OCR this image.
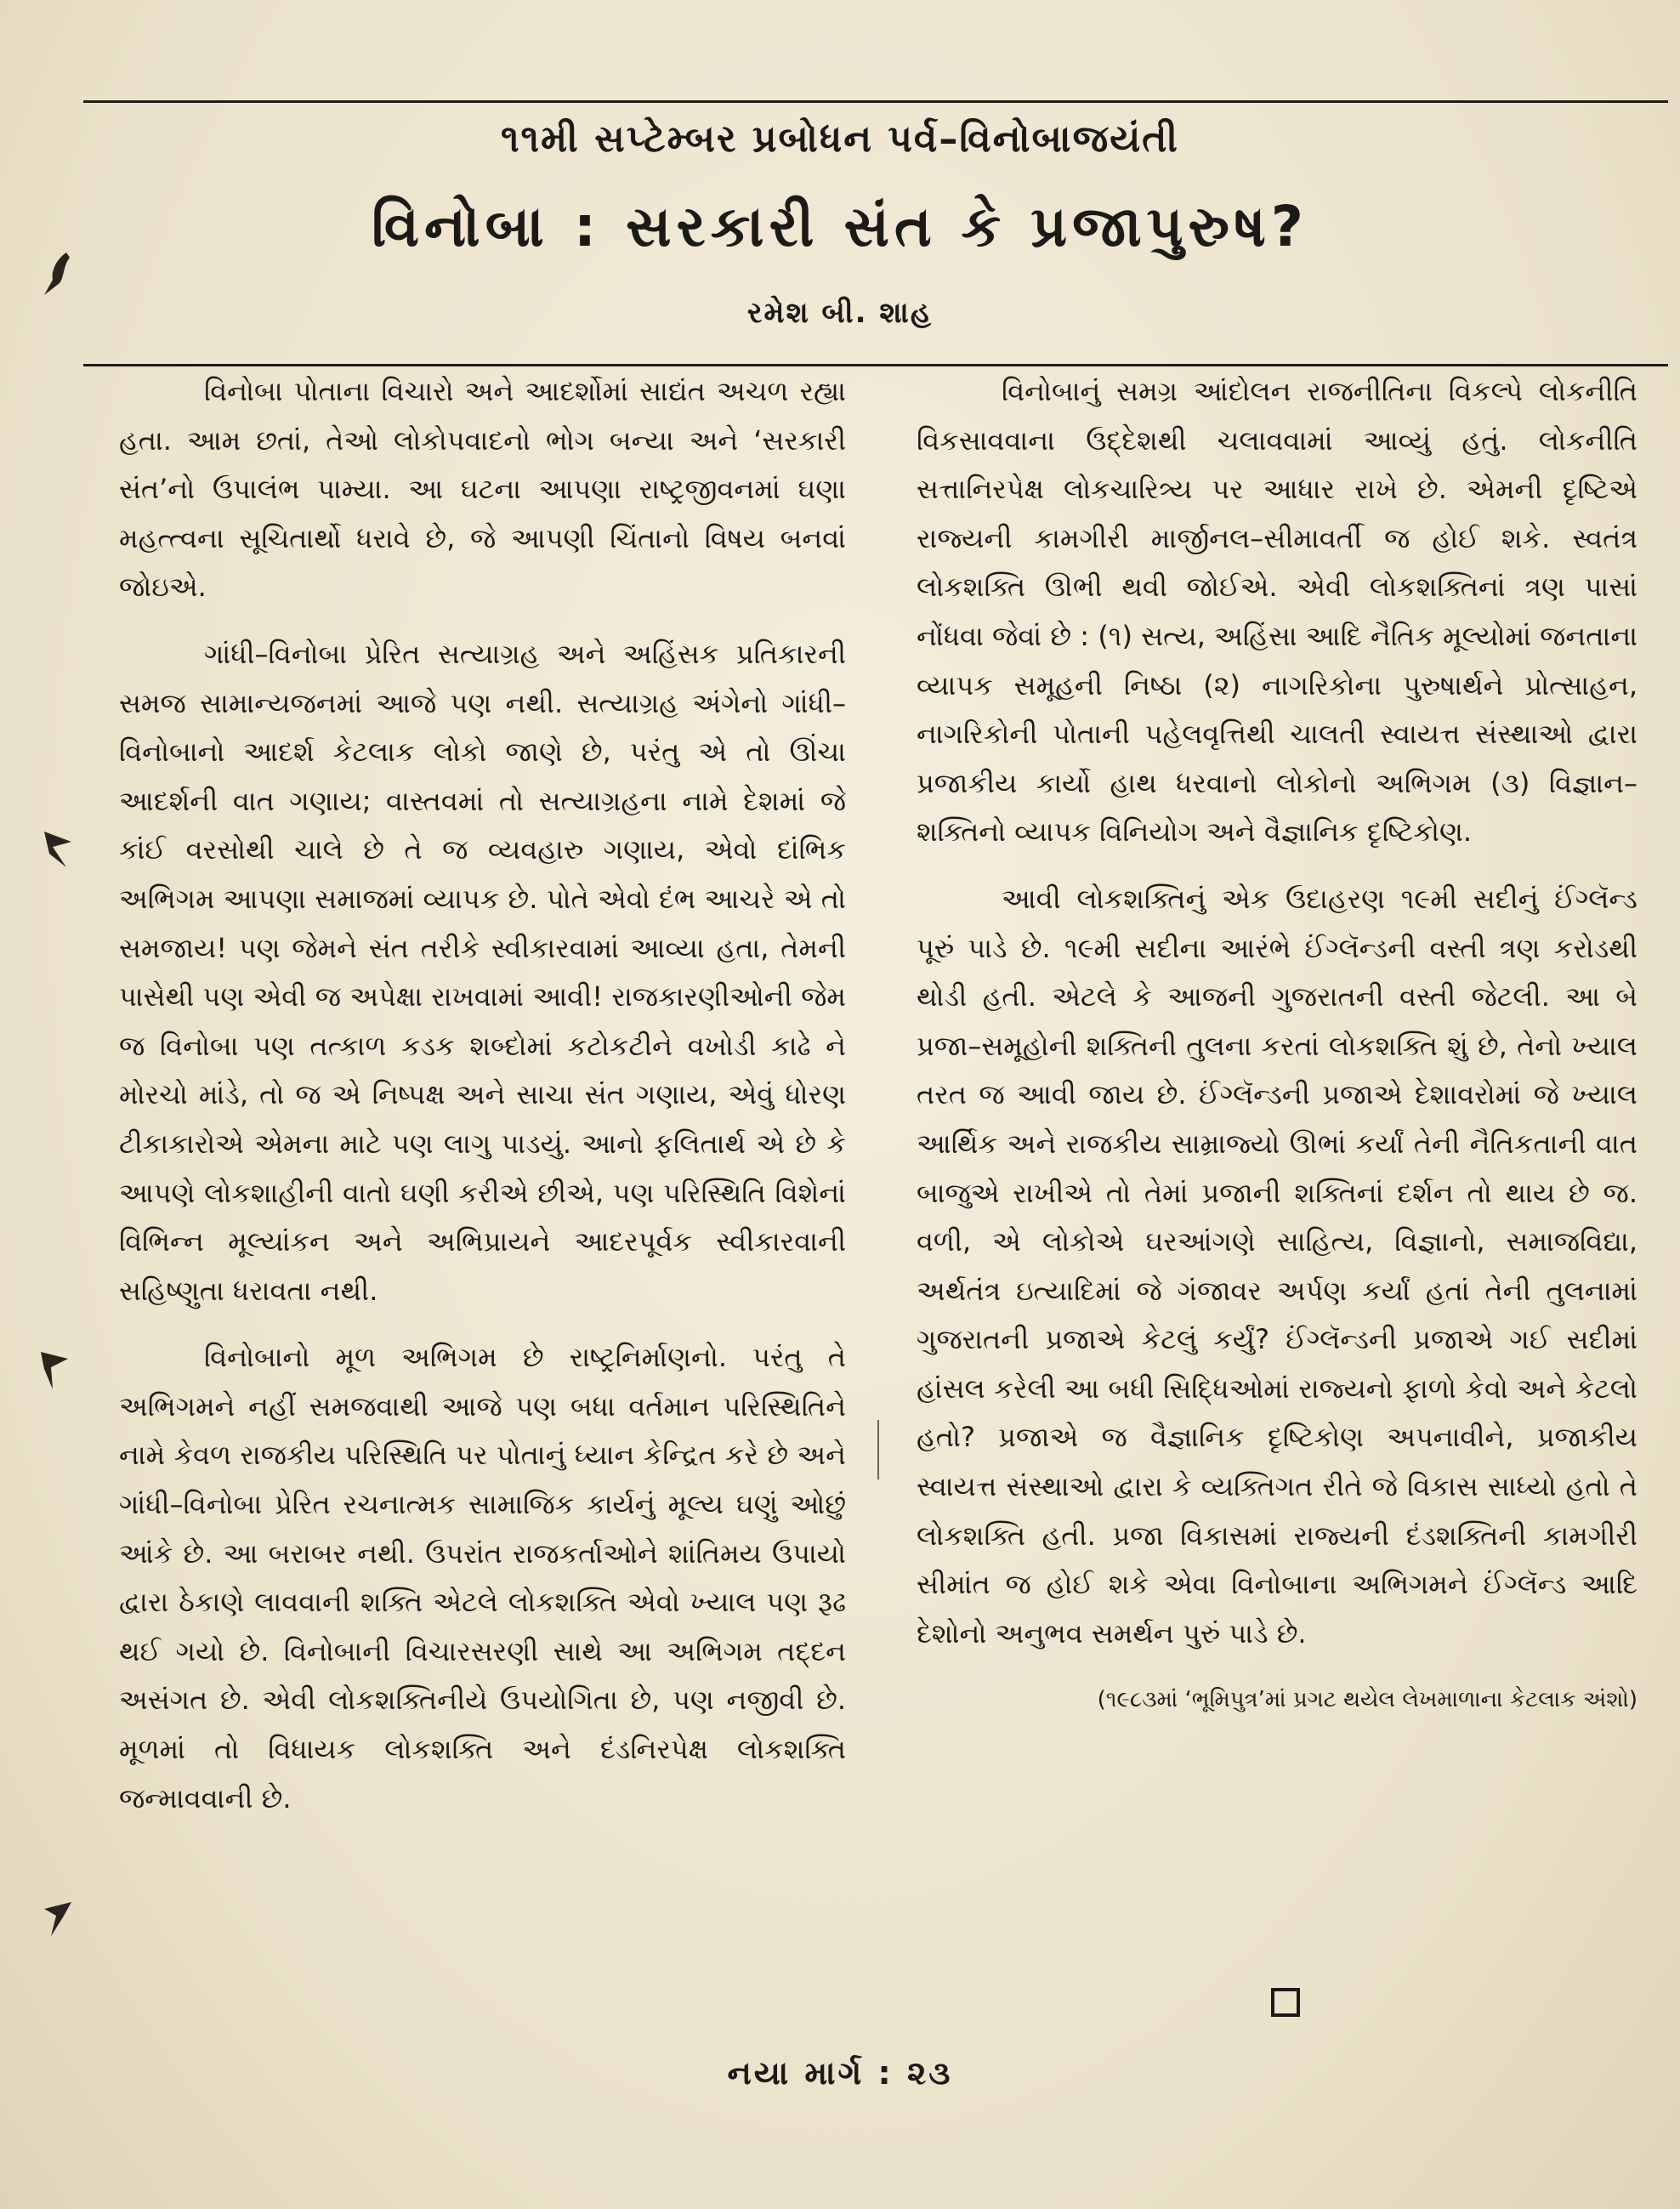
૧૧મી સપ્ટેમ્બર પ્રબોધન પર્વ–વિનોબાજયંતી
વિનોબા : સરકારી સંત કે પ્રજાપુરુષ?
રમેશ બી. શાહ

વિનોબા પોતાના વિચારો અને આદર્શોમાં સાદ્યંત અચળ રહ્યા હતા. આમ છતાં, તેઓ લોકોપવાદનો ભોગ બન્યા અને ‘સરકારી સંત’નો ઉપાલંભ પામ્યા. આ ઘટના આપણા રાષ્ટ્રજીવનમાં ઘણા મહત્ત્વના સૂચિતાર્થો ધરાવે છે, જે આપણી ચિંતાનો વિષય બનવાં જોઇએ.

ગાંધી–વિનોબા પ્રેરિત સત્યાગ્રહ અને અહિંસક પ્રતિકારની સમજ સામાન્યજનમાં આજે પણ નથી. સત્યાગ્રહ અંગેનો ગાંધી–વિનોબાનો આદર્શ કેટલાક લોકો જાણે છે, પરંતુ એ તો ઊંચા આદર્શની વાત ગણાય; વાસ્તવમાં તો સત્યાગ્રહના નામે દેશમાં જે કાંઈ વરસોથી ચાલે છે તે જ વ્યવહારુ ગણાય, એવો દાંભિક અભિગમ આપણા સમાજમાં વ્યાપક છે. પોતે એવો દંભ આચરે એ તો સમજાય! પણ જેમને સંત તરીકે સ્વીકારવામાં આવ્યા હતા, તેમની પાસેથી પણ એવી જ અપેક્ષા રાખવામાં આવી! રાજકારણીઓની જેમ જ વિનોબા પણ તત્કાળ કડક શબ્દોમાં કટોકટીને વખોડી કાઢે ને મોરચો માંડે, તો જ એ નિષ્પક્ષ અને સાચા સંત ગણાય, એવું ધોરણ ટીકાકારોએ એમના માટે પણ લાગુ પાડયું. આનો ફલિતાર્થ એ છે કે આપણે લોકશાહીની વાતો ઘણી કરીએ છીએ, પણ પરિસ્થિતિ વિશેનાં વિભિન્ન મૂલ્યાંકન અને અભિપ્રાયને આદરપૂર્વક સ્વીકારવાની સહિષ્ણુતા ધરાવતા નથી.

વિનોબાનો મૂળ અભિગમ છે રાષ્ટ્રનિર્માણનો. પરંતુ તે અભિગમને નહીં સમજવાથી આજે પણ બધા વર્તમાન પરિસ્થિતિને નામે કેવળ રાજકીય પરિસ્થિતિ પર પોતાનું ધ્યાન કેન્દ્રિત કરે છે અને ગાંધી–વિનોબા પ્રેરિત રચનાત્મક સામાજિક કાર્યનું મૂલ્ય ઘણું ઓછું આંકે છે. આ બરાબર નથી. ઉપરાંત રાજકર્તાઓને શાંતિમય ઉપાયો દ્વારા ઠેકાણે લાવવાની શક્તિ એટલે લોકશક્તિ એવો ખ્યાલ પણ રૂઢ થઈ ગયો છે. વિનોબાની વિચારસરણી સાથે આ અભિગમ તદ્દન અસંગત છે. એવી લોકશક્તિનીયે ઉપયોગિતા છે, પણ નજીવી છે. મૂળમાં તો વિધાયક લોકશક્તિ અને દંડનિરપેક્ષ લોકશક્તિ જન્માવવાની છે.

વિનોબાનું સમગ્ર આંદોલન રાજનીતિના વિકલ્પે લોકનીતિ વિકસાવવાના ઉદ્દેશથી ચલાવવામાં આવ્યું હતું. લોકનીતિ સત્તાનિરપેક્ષ લોકચારિત્ર્ય પર આધાર રાખે છે. એમની દૃષ્ટિએ રાજ્યની કામગીરી માર્જીનલ–સીમાવર્તી જ હોઈ શકે. સ્વતંત્ર લોકશક્તિ ઊભી થવી જોઈએ. એવી લોકશક્તિનાં ત્રણ પાસાં નોંધવા જેવાં છે : (૧) સત્ય, અહિંસા આદિ નૈતિક મૂલ્યોમાં જનતાના વ્યાપક સમૂહની નિષ્ઠા (૨) નાગરિકોના પુરુષાર્થને પ્રોત્સાહન, નાગરિકોની પોતાની પહેલવૃત્તિથી ચાલતી સ્વાયત્ત સંસ્થાઓ દ્વારા પ્રજાકીય કાર્યો હાથ ધરવાનો લોકોનો અભિગમ (૩) વિજ્ઞાન–શક્તિનો વ્યાપક વિનિયોગ અને વૈજ્ઞાનિક દૃષ્ટિકોણ.

આવી લોકશક્તિનું એક ઉદાહરણ ૧૯મી સદીનું ઈંગ્લૅન્ડ પૂરું પાડે છે. ૧૯મી સદીના આરંભે ઈંગ્લૅન્ડની વસ્તી ત્રણ કરોડથી થોડી હતી. એટલે કે આજની ગુજરાતની વસ્તી જેટલી. આ બે પ્રજા–સમૂહોની શક્તિની તુલના કરતાં લોકશક્તિ શું છે, તેનો ખ્યાલ તરત જ આવી જાય છે. ઈંગ્લૅન્ડની પ્રજાએ દેશાવરોમાં જે ખ્યાલ આર્થિક અને રાજકીય સામ્રાજ્યો ઊભાં કર્યાં તેની નૈતિકતાની વાત બાજુએ રાખીએ તો તેમાં પ્રજાની શક્તિનાં દર્શન તો થાય છે જ. વળી, એ લોકોએ ઘરઆંગણે સાહિત્ય, વિજ્ઞાનો, સમાજવિદ્યા, અર્થતંત્ર ઇત્યાદિમાં જે ગંજાવર અર્પણ કર્યાં હતાં તેની તુલનામાં ગુજરાતની પ્રજાએ કેટલું કર્યું? ઈંગ્લૅન્ડની પ્રજાએ ગઈ સદીમાં હાંસલ કરેલી આ બધી સિદ્ધિઓમાં રાજ્યનો ફાળો કેવો અને કેટલો હતો? પ્રજાએ જ વૈજ્ઞાનિક દૃષ્ટિકોણ અપનાવીને, પ્રજાકીય સ્વાયત્ત સંસ્થાઓ દ્વારા કે વ્યક્તિગત રીતે જે વિકાસ સાધ્યો હતો તે લોકશક્તિ હતી. પ્રજા વિકાસમાં રાજ્યની દંડશક્તિની કામગીરી સીમાંત જ હોઈ શકે એવા વિનોબાના અભિગમને ઈંગ્લૅન્ડ આદિ દેશોનો અનુભવ સમર્થન પુરું પાડે છે.

(૧૯૮૩માં ‘ભૂમિપુત્ર’માં પ્રગટ થયેલ લેખમાળાના કેટલાક અંશો)
નયા માર્ગ : ૨૩
